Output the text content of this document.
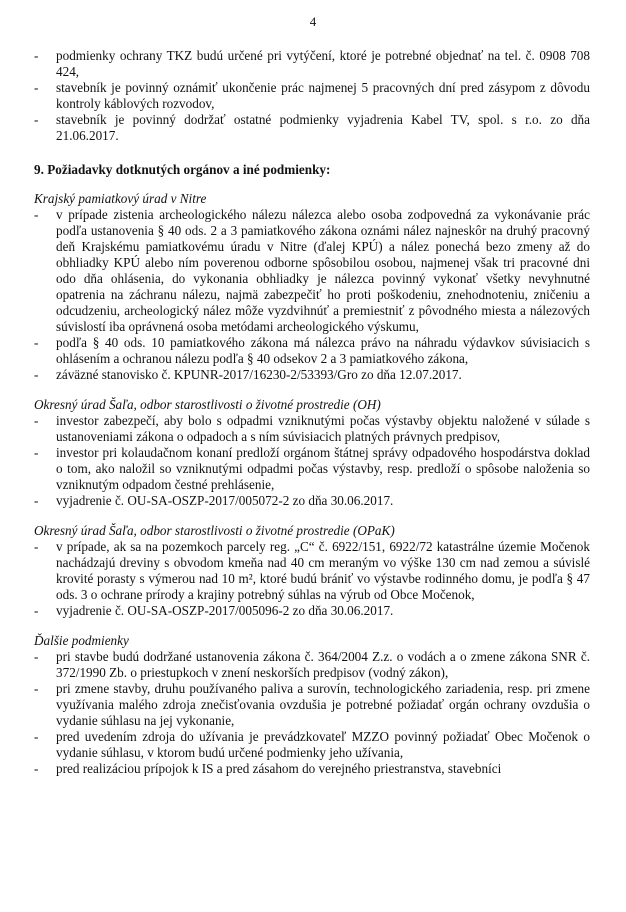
4
- podmienky ochrany TKZ budú určené pri vytýčení, ktoré je potrebné objednať na tel. č. 0908 708 424,
- stavebník je povinný oznámiť ukončenie prác najmenej 5 pracovných dní pred zásypom z dôvodu kontroly káblových rozvodov,
- stavebník je povinný dodržať ostatné podmienky vyjadrenia Kabel TV, spol. s r.o. zo dňa 21.06.2017.
9. Požiadavky dotknutých orgánov a iné podmienky:
Krajský pamiatkový úrad v Nitre
- v prípade zistenia archeologického nálezu nálezca alebo osoba zodpovedná za vykonávanie prác podľa ustanovenia § 40 ods. 2 a 3 pamiatkového zákona oznámi nález najneskôr na druhý pracovný deň Krajskému pamiatkovému úradu v Nitre (ďalej KPÚ) a nález ponechá bezo zmeny až do obhliadky KPÚ alebo ním poverenou odborne spôsobilou osobou, najmenej však tri pracovné dni odo dňa ohlásenia, do vykonania obhliadky je nálezca povinný vykonať všetky nevyhnutné opatrenia na záchranu nálezu, najmä zabezpečiť ho proti poškodeniu, znehodnoteniu, zničeniu a odcudzeniu, archeologický nález môže vyzdvihnúť a premiestniť z pôvodného miesta a nálezových súvislostí iba oprávnená osoba metódami archeologického výskumu,
- podľa § 40 ods. 10 pamiatkového zákona má nálezca právo na náhradu výdavkov súvisiacich s ohlásením a ochranou nálezu podľa § 40 odsekov 2 a 3 pamiatkového zákona,
- záväzné stanovisko č. KPUNR-2017/16230-2/53393/Gro zo dňa 12.07.2017.
Okresný úrad Šaľa, odbor starostlivosti o životné prostredie (OH)
- investor zabezpečí, aby bolo s odpadmi vzniknutými počas výstavby objektu naložené v súlade s ustanoveniami zákona o odpadoch a s ním súvisiacich platných právnych predpisov,
- investor pri kolaudačnom konaní predloží orgánom štátnej správy odpadového hospodárstva doklad o tom, ako naložil so vzniknutými odpadmi počas výstavby, resp. predloží o spôsobe naloženia so vzniknutým odpadom čestné prehlásenie,
- vyjadrenie č. OU-SA-OSZP-2017/005072-2 zo dňa 30.06.2017.
Okresný úrad Šaľa, odbor starostlivosti o životné prostredie (OPaK)
- v prípade, ak sa na pozemkoch parcely reg. „C“ č. 6922/151, 6922/72 katastrálne územie Močenok nachádzajú dreviny s obvodom kmeňa nad 40 cm meraným vo výške 130 cm nad zemou a súvislé krovité porasty s výmerou nad 10 m², ktoré budú brániť vo výstavbe rodinného domu, je podľa § 47 ods. 3 o ochrane prírody a krajiny potrebný súhlas na výrub od Obce Močenok,
- vyjadrenie č. OU-SA-OSZP-2017/005096-2 zo dňa 30.06.2017.
Ďalšie podmienky
- pri stavbe budú dodržané ustanovenia zákona č. 364/2004 Z.z. o vodách a o zmene zákona SNR č. 372/1990 Zb. o priestupkoch v znení neskorších predpisov (vodný zákon),
- pri zmene stavby, druhu používaného paliva a surovín, technologického zariadenia, resp. pri zmene využívania malého zdroja znečisťovania ovzdušia je potrebné požiadať orgán ochrany ovzdušia o vydanie súhlasu na jej vykonanie,
- pred uvedením zdroja do užívania je prevádzkovateľ MZZO povinný požiadať Obec Močenok o vydanie súhlasu, v ktorom budú určené podmienky jeho užívania,
- pred realizáciou prípojok k IS a pred zásahom do verejného priestranstva, stavebníci
